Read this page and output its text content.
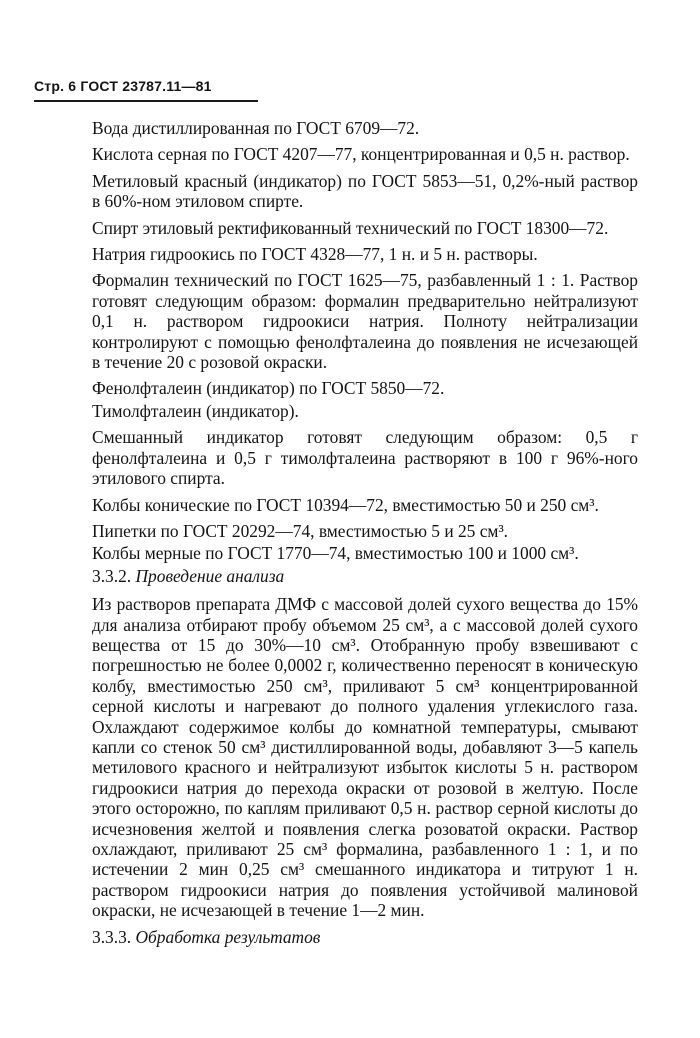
Стр. 6 ГОСТ 23787.11—81

Вода дистиллированная по ГОСТ 6709—72.

Кислота серная по ГОСТ 4207—77, концентрированная и 0,5 н. раствор.

Метиловый красный (индикатор) по ГОСТ 5853—51, 0,2%-ный раствор в 60%-ном этиловом спирте.

Спирт этиловый ректификованный технический по ГОСТ 18300—72.

Натрия гидроокись по ГОСТ 4328—77, 1 н. и 5 н. растворы.

Формалин технический по ГОСТ 1625—75, разбавленный 1 : 1. Раствор готовят следующим образом: формалин предварительно нейтрализуют 0,1 н. раствором гидроокиси натрия. Полноту нейтрализации контролируют с помощью фенолфталеина до появления не исчезающей в течение 20 с розовой окраски.

Фенолфталеин (индикатор) по ГОСТ 5850—72.

Тимолфталеин (индикатор).

Смешанный индикатор готовят следующим образом: 0,5 г фенолфталеина и 0,5 г тимолфталеина растворяют в 100 г 96%-ного этилового спирта.

Колбы конические по ГОСТ 10394—72, вместимостью 50 и 250 см³.

Пипетки по ГОСТ 20292—74, вместимостью 5 и 25 см³.

Колбы мерные по ГОСТ 1770—74, вместимостью 100 и 1000 см³.

3.3.2. Проведение анализа

Из растворов препарата ДМФ с массовой долей сухого вещества до 15% для анализа отбирают пробу объемом 25 см³, а с массовой долей сухого вещества от 15 до 30%—10 см³. Отобранную пробу взвешивают с погрешностью не более 0,0002 г, количественно переносят в коническую колбу, вместимостью 250 см³, приливают 5 см³ концентрированной серной кислоты и нагревают до полного удаления углекислого газа. Охлаждают содержимое колбы до комнатной температуры, смывают капли со стенок 50 см³ дистиллированной воды, добавляют 3—5 капель метилового красного и нейтрализуют избыток кислоты 5 н. раствором гидроокиси натрия до перехода окраски от розовой в желтую. После этого осторожно, по каплям приливают 0,5 н. раствор серной кислоты до исчезновения желтой и появления слегка розоватой окраски. Раствор охлаждают, приливают 25 см³ формалина, разбавленного 1 : 1, и по истечении 2 мин 0,25 см³ смешанного индикатора и титруют 1 н. раствором гидроокиси натрия до появления устойчивой малиновой окраски, не исчезающей в течение 1—2 мин.

3.3.3. Обработка результатов
